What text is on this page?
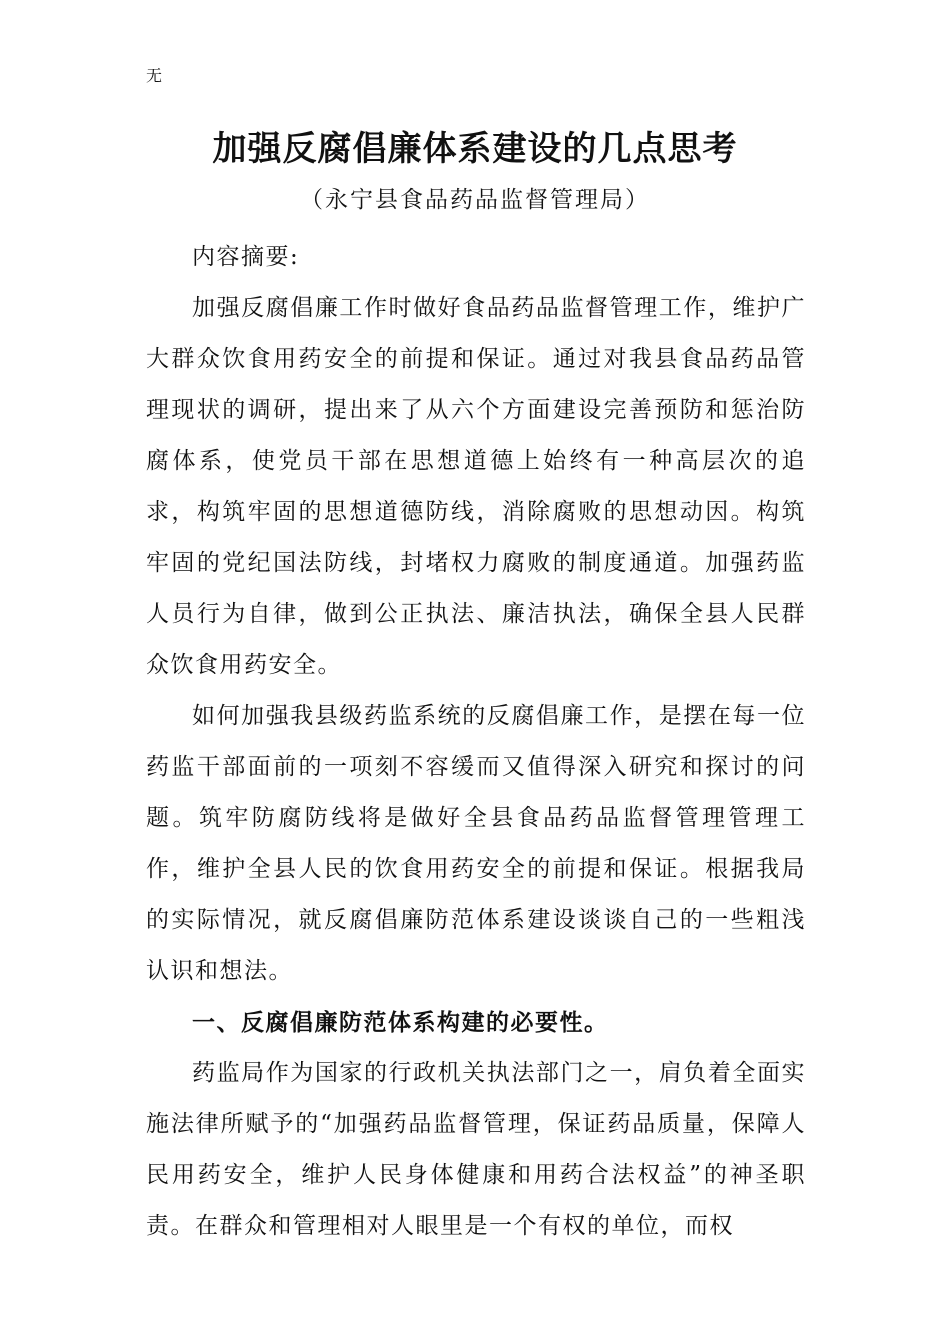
无
加强反腐倡廉体系建设的几点思考
（永宁县食品药品监督管理局）

内容摘要:

加强反腐倡廉工作时做好食品药品监督管理工作，维护广大群众饮食用药安全的前提和保证。通过对我县食品药品管理现状的调研，提出来了从六个方面建设完善预防和惩治防腐体系，使党员干部在思想道德上始终有一种高层次的追求，构筑牢固的思想道德防线，消除腐败的思想动因。构筑牢固的党纪国法防线，封堵权力腐败的制度通道。加强药监人员行为自律，做到公正执法、廉洁执法，确保全县人民群众饮食用药安全。

如何加强我县级药监系统的反腐倡廉工作，是摆在每一位药监干部面前的一项刻不容缓而又值得深入研究和探讨的问题。筑牢防腐防线将是做好全县食品药品监督管理管理工作，维护全县人民的饮食用药安全的前提和保证。根据我局的实际情况，就反腐倡廉防范体系建设谈谈自己的一些粗浅认识和想法。

一、反腐倡廉防范体系构建的必要性。

药监局作为国家的行政机关执法部门之一，肩负着全面实施法律所赋予的“加强药品监督管理，保证药品质量，保障人民用药安全，维护人民身体健康和用药合法权益”的神圣职责。在群众和管理相对人眼里是一个有权的单位，而权
